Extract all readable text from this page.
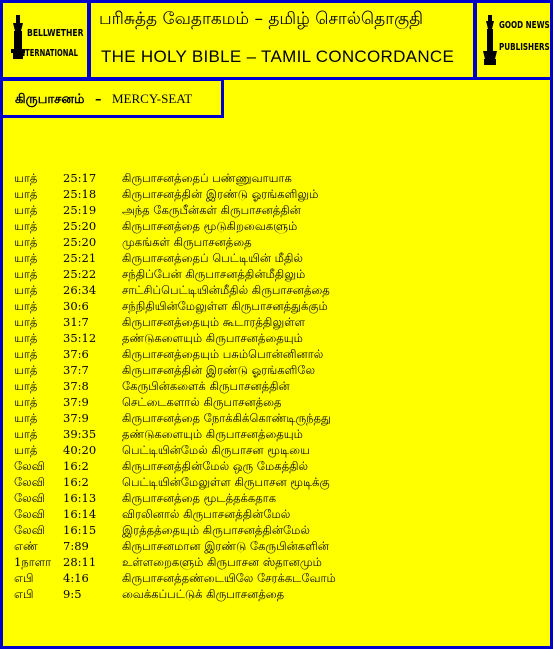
BELLWETHER
INTERNATIONAL
பரிசுத்த வேதாகமம் – தமிழ் சொல்தொகுதி
THE HOLY BIBLE – TAMIL CONCORDANCE
GOOD NEWS
PUBLISHERS
கிருபாசனம் – MERCY-SEAT
யாத் 25:17 கிருபாசனத்தைப் பண்ணுவாயாக
யாத் 25:18 கிருபாசனத்தின் இரண்டு ஓரங்களிலும்
யாத் 25:19 அந்த கேருபீன்கள் கிருபாசனத்தின்
யாத் 25:20 கிருபாசனத்தை மூடுகிறவைகளும்
யாத் 25:20 முகங்கள் கிருபாசனத்தை
யாத் 25:21 கிருபாசனத்தைப் பெட்டியின் மீதில்
யாத் 25:22 சந்திப்பேன் கிருபாசனத்தின்மீதிலும்
யாத் 26:34 சாட்சிப்பெட்டியின்மீதில் கிருபாசனத்தை
யாத் 30:6	சந்நிதியின்மேலுள்ள கிருபாசனத்துக்கும்
யாத் 31:7	கிருபாசனத்தையும் கூடாரத்திலுள்ள
யாத் 35:12 தண்டுகளையும் கிருபாசனத்தையும்
யாத் 37:6	கிருபாசனத்தையும் பசும்பொன்னினால்
யாத் 37:7	கிருபாசனத்தின் இரண்டு ஓரங்களிலே
யாத் 37:8	கேருபின்களைக் கிருபாசனத்தின்
யாத் 37:9	செட்டைகளால் கிருபாசனத்தை
யாத் 37:9	கிருபாசனத்தை நோக்கிக்கொண்டிருந்தது
யாத் 39:35 தண்டுகளையும் கிருபாசனத்தையும்
யாத் 40:20 பெட்டியின்மேல் கிருபாசன மூடியை
லேவி 16:2	கிருபாசனத்தின்மேல் ஒரு மேகத்தில்
லேவி 16:2	பெட்டியின்மேலுள்ள கிருபாசன மூடிக்கு
லேவி 16:13 கிருபாசனத்தை மூடத்தக்கதாக
லேவி 16:14 விரலினால் கிருபாசனத்தின்மேல்
லேவி 16:15 இரத்தத்தையும் கிருபாசனத்தின்மேல்
எண் 7:89	கிருபாசனமான இரண்டு கேருபின்களின்
1நாளா 28:11 உள்ளறைகளும் கிருபாசன ஸ்தானமும்
எபி	4:16	கிருபாசனத்தண்டையிலே சேரக்கடவோம்
எபி	9:5	வைக்கப்பட்டுக் கிருபாசனத்தை
